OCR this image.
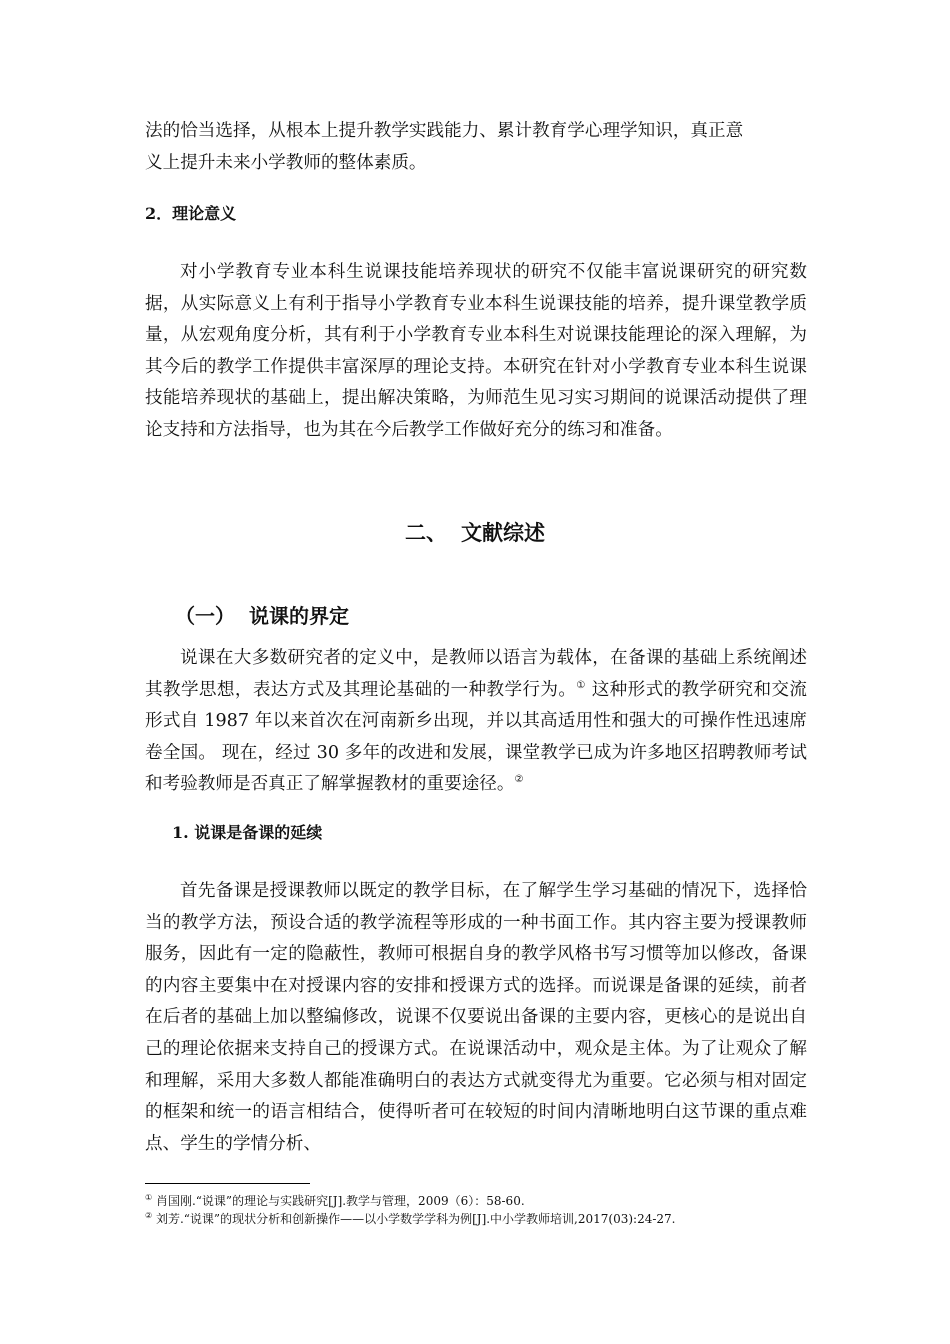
法的恰当选择，从根本上提升教学实践能力、累计教育学心理学知识，真正意
义上提升未来小学教师的整体素质。

2．理论意义

对小学教育专业本科生说课技能培养现状的研究不仅能丰富说课研究的研究数据，从实际意义上有利于指导小学教育专业本科生说课技能的培养，提升课堂教学质量，从宏观角度分析，其有利于小学教育专业本科生对说课技能理论的深入理解，为其今后的教学工作提供丰富深厚的理论支持。本研究在针对小学教育专业本科生说课技能培养现状的基础上，提出解决策略，为师范生见习实习期间的说课活动提供了理论支持和方法指导，也为其在今后教学工作做好充分的练习和准备。

二、 文献综述

（一） 说课的界定

说课在大多数研究者的定义中，是教师以语言为载体，在备课的基础上系统阐述其教学思想，表达方式及其理论基础的一种教学行为。① 这种形式的教学研究和交流形式自 1987 年以来首次在河南新乡出现，并以其高适用性和强大的可操作性迅速席卷全国。 现在，经过 30 多年的改进和发展，课堂教学已成为许多地区招聘教师考试和考验教师是否真正了解掌握教材的重要途径。②

1. 说课是备课的延续

首先备课是授课教师以既定的教学目标，在了解学生学习基础的情况下，选择恰当的教学方法，预设合适的教学流程等形成的一种书面工作。其内容主要为授课教师服务，因此有一定的隐蔽性，教师可根据自身的教学风格书写习惯等加以修改，备课的内容主要集中在对授课内容的安排和授课方式的选择。而说课是备课的延续，前者在后者的基础上加以整编修改，说课不仅要说出备课的主要内容，更核心的是说出自己的理论依据来支持自己的授课方式。在说课活动中，观众是主体。为了让观众了解和理解，采用大多数人都能准确明白的表达方式就变得尤为重要。它必须与相对固定的框架和统一的语言相结合，使得听者可在较短的时间内清晰地明白这节课的重点难点、学生的学情分析、

① 肖国刚.“说课”的理论与实践研究[J].教学与管理，2009（6）：58-60.

② 刘芳.“说课”的现状分析和创新操作——以小学数学学科为例[J].中小学教师培训,2017(03):24-27.
